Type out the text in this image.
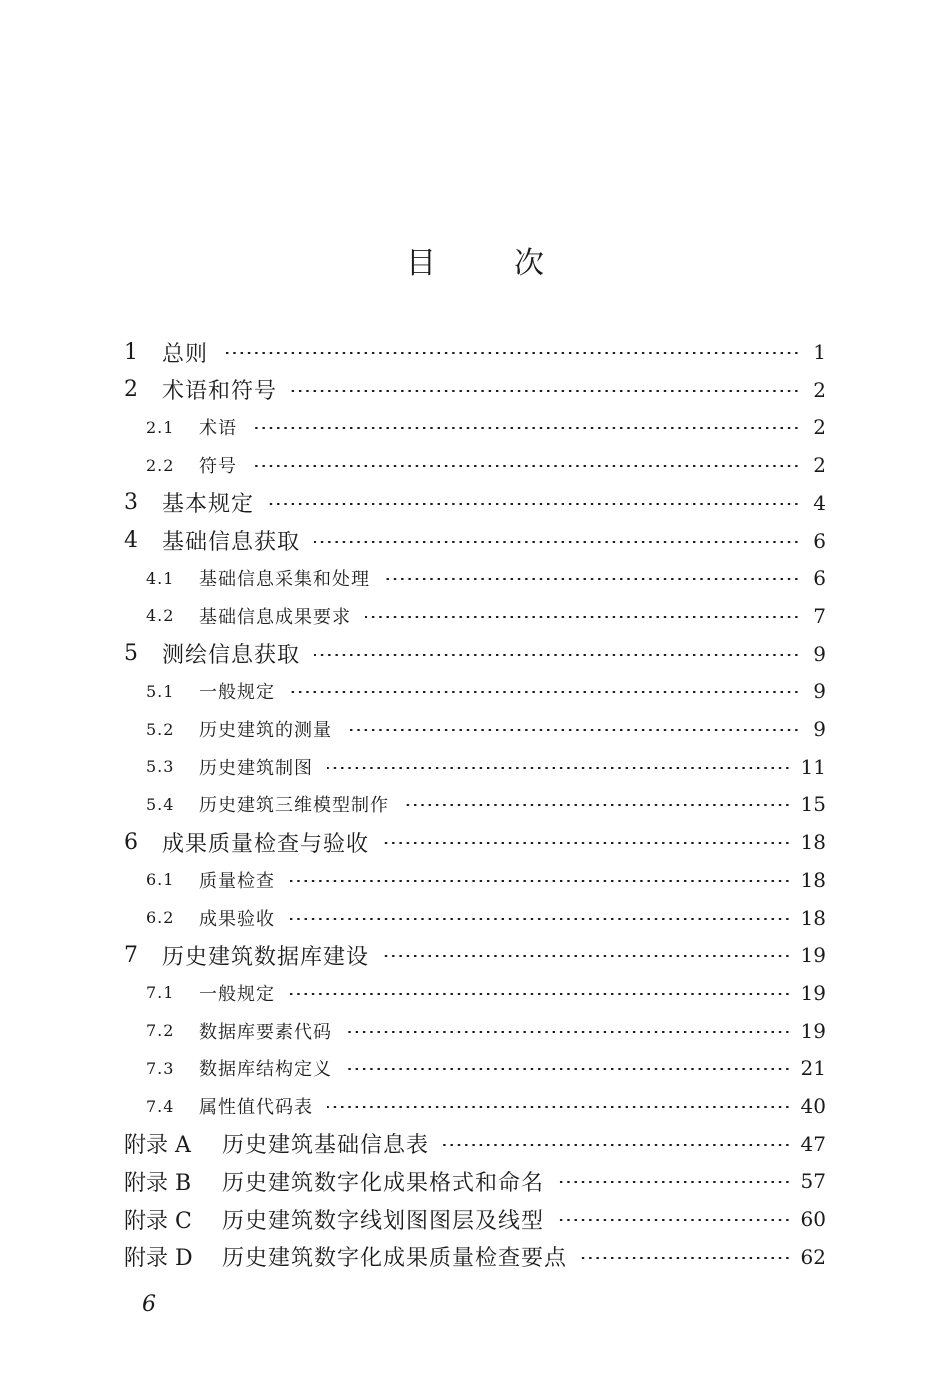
目	次
1 总则	1
2 术语和符号	2
2.1 术语	2
2.2 符号	2
3 基本规定	4
4 基础信息获取	6
4.1 基础信息采集和处理	6
4.2 基础信息成果要求	7
5 测绘信息获取	9
5.1 一般规定	9
5.2 历史建筑的测量	9
5.3 历史建筑制图	11
5.4 历史建筑三维模型制作	15
6 成果质量检查与验收	18
6.1 质量检查	18
6.2 成果验收	18
7 历史建筑数据库建设	19
7.1 一般规定	19
7.2 数据库要素代码	19
7.3 数据库结构定义	21
7.4 属性值代码表	40
附录 A 历史建筑基础信息表	47
附录 B 历史建筑数字化成果格式和命名	57
附录 C 历史建筑数字线划图图层及线型	60
附录 D 历史建筑数字化成果质量检查要点	62
6
